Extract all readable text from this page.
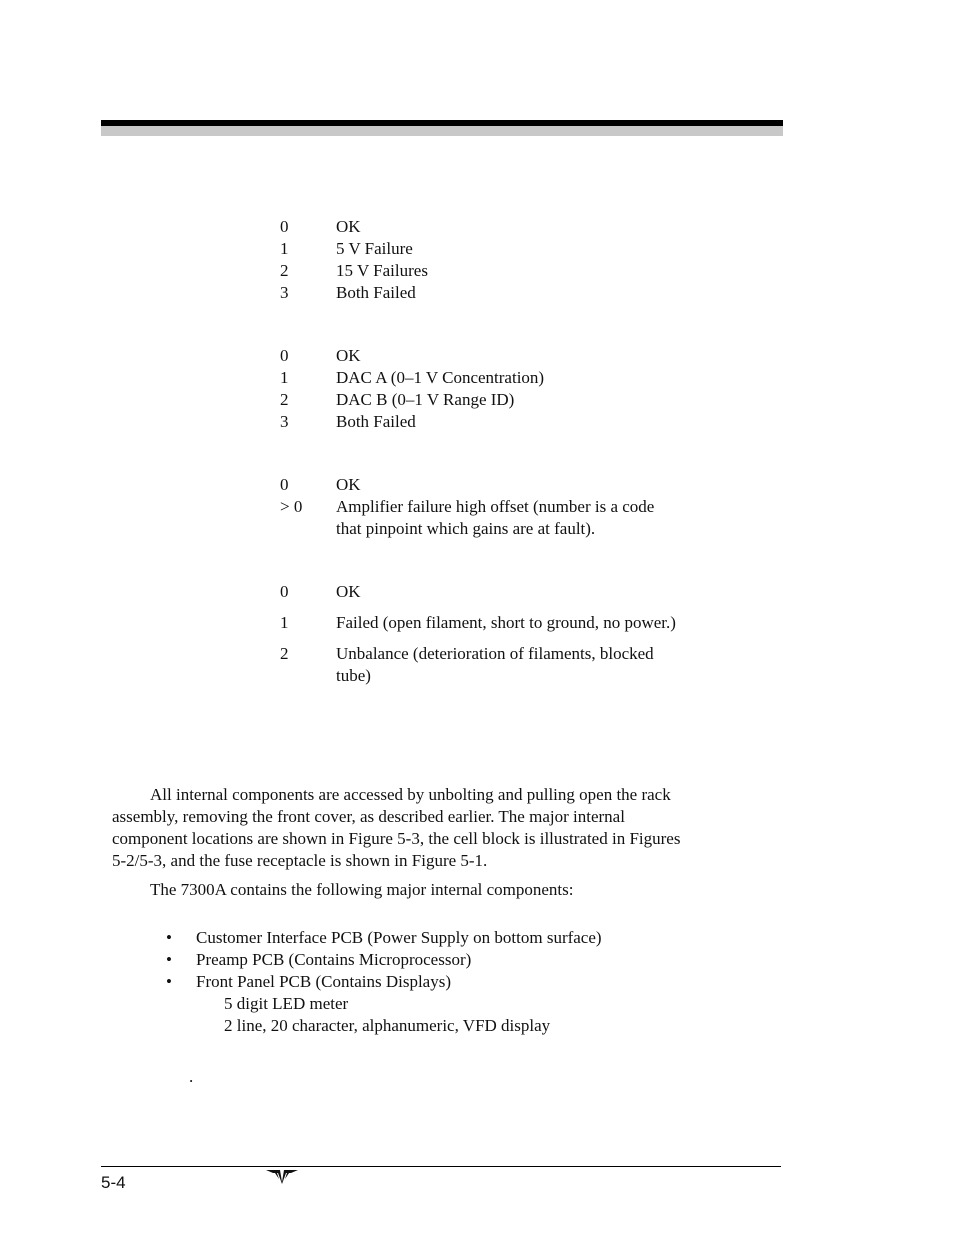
0	OK
1	5 V Failure
2	15 V Failures
3	Both Failed
0	OK
1	DAC A (0–1 V Concentration)
2	DAC B (0–1 V Range ID)
3	Both Failed
0	OK
> 0	Amplifier failure high offset (number is a code that pinpoint which gains are at fault).
0	OK
1	Failed (open filament, short to ground, no power.)
2	Unbalance (deterioration of filaments, blocked tube)

All internal components are accessed by unbolting and pulling open the rack assembly, removing the front cover, as described earlier. The major internal component locations are shown in Figure 5-3, the cell block is illustrated in Figures 5-2/5-3, and the fuse receptacle is shown in Figure 5-1.

The 7300A contains the following major internal components:

•	Customer Interface PCB (Power Supply on bottom surface)
•	Preamp PCB (Contains Microprocessor)
•	Front Panel PCB (Contains Displays)
5 digit LED meter
2 line, 20 character, alphanumeric, VFD display
.
5-4
